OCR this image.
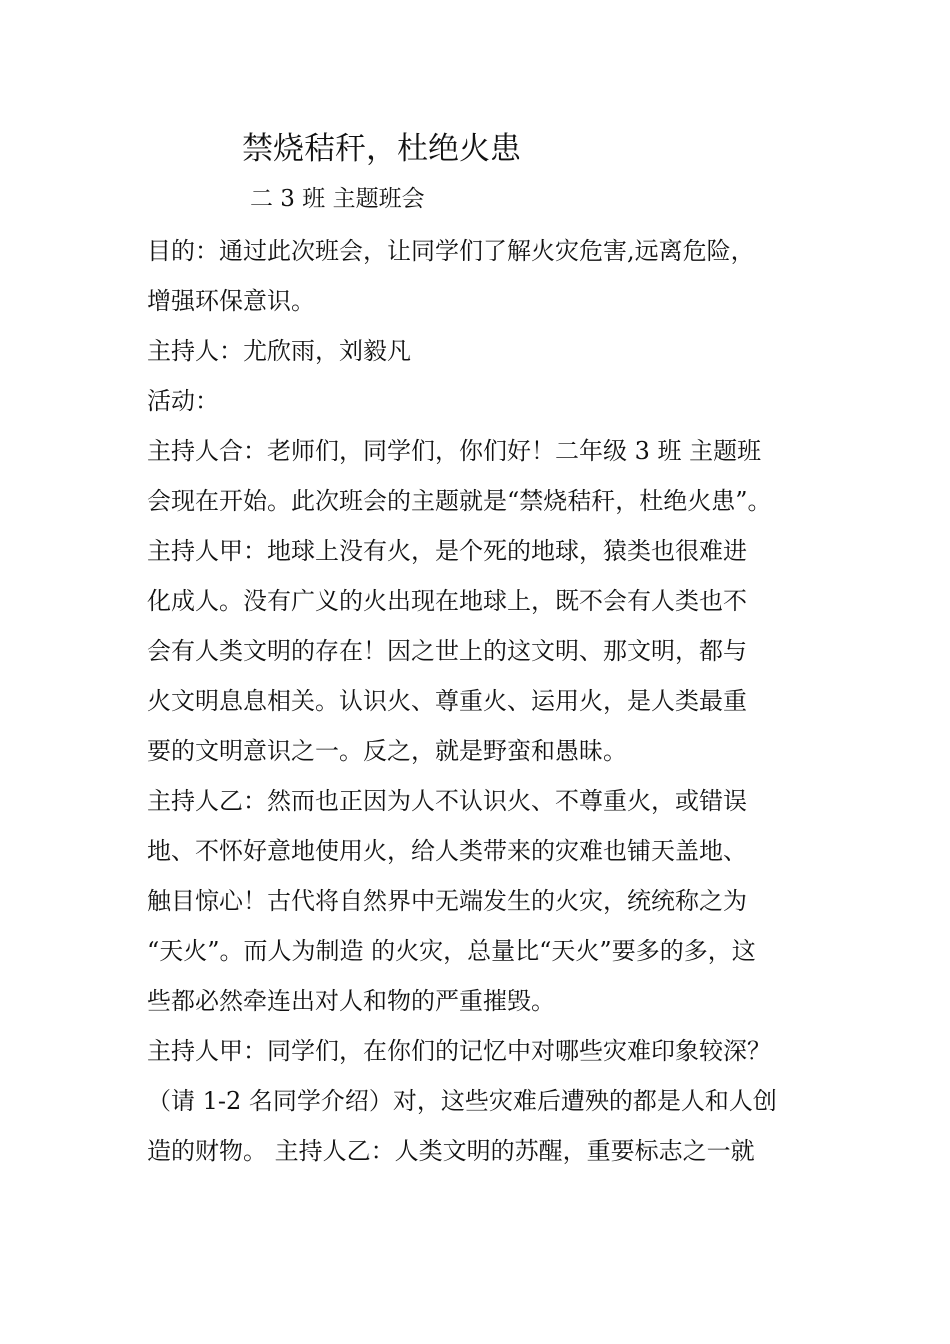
禁烧秸秆，杜绝火患
二 3 班 主题班会
目的：通过此次班会，让同学们了解火灾危害,远离危险，
增强环保意识。
主持人：尤欣雨，刘毅凡
活动：
主持人合：老师们，同学们，你们好！二年级 3 班 主题班
会现在开始。此次班会的主题就是“禁烧秸秆，杜绝火患”。
主持人甲：地球上没有火，是个死的地球，猿类也很难进
化成人。没有广义的火出现在地球上，既不会有人类也不
会有人类文明的存在！因之世上的这文明、那文明，都与
火文明息息相关。认识火、尊重火、运用火，是人类最重
要的文明意识之一。反之，就是野蛮和愚昧。
主持人乙：然而也正因为人不认识火、不尊重火，或错误
地、不怀好意地使用火，给人类带来的灾难也铺天盖地、
触目惊心！古代将自然界中无端发生的火灾，统统称之为
“天火”。而人为制造 的火灾，总量比“天火”要多的多，这
些都必然牵连出对人和物的严重摧毁。
主持人甲：同学们，在你们的记忆中对哪些灾难印象较深？
（请 1-2 名同学介绍）对，这些灾难后遭殃的都是人和人创
造的财物。 主持人乙：人类文明的苏醒，重要标志之一就
